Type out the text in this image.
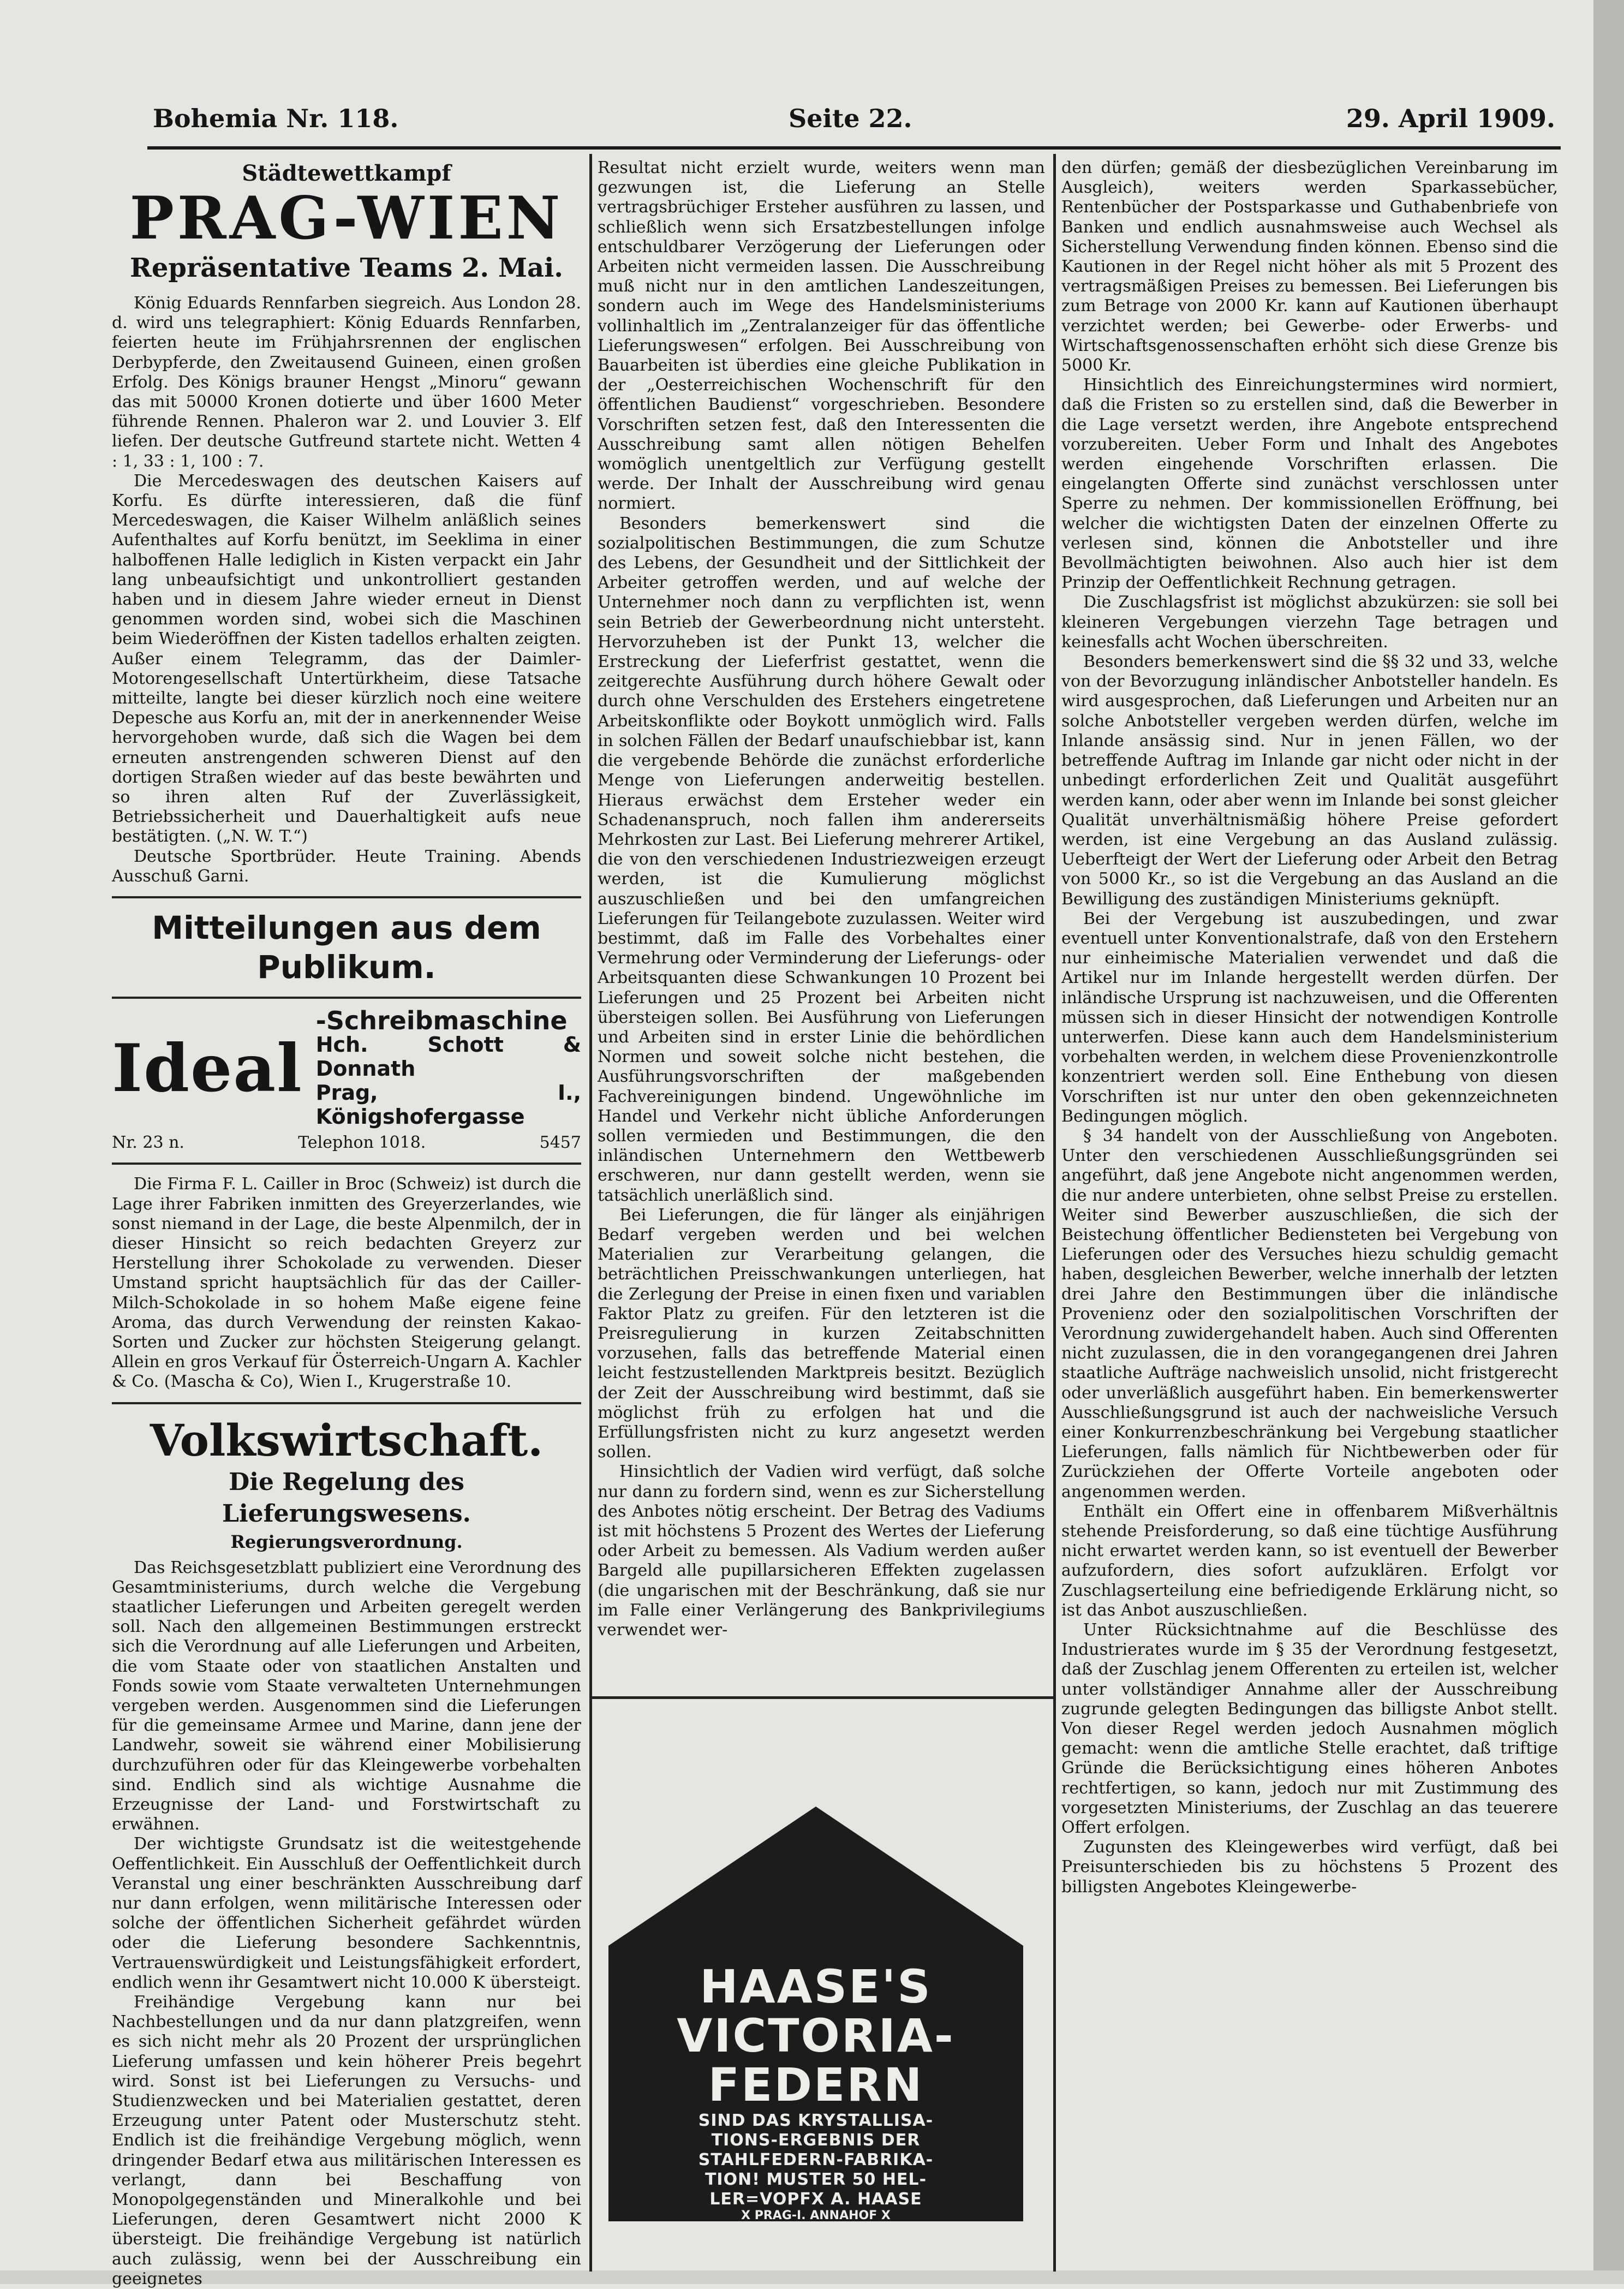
Bohemia Nr. 118.	Seite 22.	29. April 1909.
Städtewettkampf
PRAG-WIEN
Repräsentative Teams 2. Mai.

König Eduards Rennfarben siegreich. Aus London 28. d. wird uns telegraphiert: König Eduards Rennfarben, feierten heute im Frühjahrsrennen der englischen Derbypferde, den Zweitausend Guineen, einen großen Erfolg. Des Königs brauner Hengst „Minoru“ gewann das mit 50000 Kronen dotierte und über 1600 Meter führende Rennen. Phaleron war 2. und Louvier 3. Elf liefen. Der deutsche Gutfreund startete nicht. Wetten 4 : 1, 33 : 1, 100 : 7.

Die Mercedeswagen des deutschen Kaisers auf Korfu. Es dürfte interessieren, daß die fünf Mercedeswagen, die Kaiser Wilhelm anläßlich seines Aufenthaltes auf Korfu benützt, im Seeklima in einer halboffenen Halle lediglich in Kisten verpackt ein Jahr lang unbeaufsichtigt und unkontrolliert gestanden haben und in diesem Jahre wieder erneut in Dienst genommen worden sind, wobei sich die Maschinen beim Wiederöffnen der Kisten tadellos erhalten zeigten. Außer einem Telegramm, das der Daimler-Motorengesellschaft Untertürkheim, diese Tatsache mitteilte, langte bei dieser kürzlich noch eine weitere Depesche aus Korfu an, mit der in anerkennender Weise hervorgehoben wurde, daß sich die Wagen bei dem erneuten anstrengenden schweren Dienst auf den dortigen Straßen wieder auf das beste bewährten und so ihren alten Ruf der Zuverlässigkeit, Betriebssicherheit und Dauerhaltigkeit aufs neue bestätigten. („N. W. T.“)

Deutsche Sportbrüder. Heute Training. Abends Ausschuß Garni.

Mitteilungen aus dem Publikum.
Ideal
-Schreibmaschine
Hch. Schott & Donnath
Prag, I., Königshofergasse
Nr. 23 n.	Telephon 1018.	5457

Die Firma F. L. Cailler in Broc (Schweiz) ist durch die Lage ihrer Fabriken inmitten des Greyerzerlandes, wie sonst niemand in der Lage, die beste Alpenmilch, der in dieser Hinsicht so reich bedachten Greyerz zur Herstellung ihrer Schokolade zu verwenden. Dieser Umstand spricht hauptsächlich für das der Cailler-Milch-Schokolade in so hohem Maße eigene feine Aroma, das durch Verwendung der reinsten Kakao-Sorten und Zucker zur höchsten Steigerung gelangt. Allein en gros Verkauf für Österreich-Ungarn A. Kachler & Co. (Mascha & Co), Wien I., Krugerstraße 10.

Volkswirtschaft.
Die Regelung des Lieferungswesens.
Regierungsverordnung.

Das Reichsgesetzblatt publiziert eine Verordnung des Gesamtministeriums, durch welche die Vergebung staatlicher Lieferungen und Arbeiten geregelt werden soll. Nach den allgemeinen Bestimmungen erstreckt sich die Verordnung auf alle Lieferungen und Arbeiten, die vom Staate oder von staatlichen Anstalten und Fonds sowie vom Staate verwalteten Unternehmungen vergeben werden. Ausgenommen sind die Lieferungen für die gemeinsame Armee und Marine, dann jene der Landwehr, soweit sie während einer Mobilisierung durchzuführen oder für das Kleingewerbe vorbehalten sind. Endlich sind als wichtige Ausnahme die Erzeugnisse der Land- und Forstwirtschaft zu erwähnen.

Der wichtigste Grundsatz ist die weitestgehende Oeffentlichkeit. Ein Ausschluß der Oeffentlichkeit durch Veranstal ung einer beschränkten Ausschreibung darf nur dann erfolgen, wenn militärische Interessen oder solche der öffentlichen Sicherheit gefährdet würden oder die Lieferung besondere Sachkenntnis, Vertrauenswürdigkeit und Leistungsfähigkeit erfordert, endlich wenn ihr Gesamtwert nicht 10.000 K übersteigt.

Freihändige Vergebung kann nur bei Nachbestellungen und da nur dann platzgreifen, wenn es sich nicht mehr als 20 Prozent der ursprünglichen Lieferung umfassen und kein höherer Preis begehrt wird. Sonst ist bei Lieferungen zu Versuchs- und Studienzwecken und bei Materialien gestattet, deren Erzeugung unter Patent oder Musterschutz steht. Endlich ist die freihändige Vergebung möglich, wenn dringender Bedarf etwa aus militärischen Interessen es verlangt, dann bei Beschaffung von Monopolgegenständen und Mineralkohle und bei Lieferungen, deren Gesamtwert nicht 2000 K übersteigt. Die freihändige Vergebung ist natürlich auch zulässig, wenn bei der Ausschreibung ein geeignetes

Resultat nicht erzielt wurde, weiters wenn man gezwungen ist, die Lieferung an Stelle vertragsbrüchiger Ersteher ausführen zu lassen, und schließlich wenn sich Ersatzbestellungen infolge entschuldbarer Verzögerung der Lieferungen oder Arbeiten nicht vermeiden lassen. Die Ausschreibung muß nicht nur in den amtlichen Landeszeitungen, sondern auch im Wege des Handelsministeriums vollinhaltlich im „Zentralanzeiger für das öffentliche Lieferungswesen“ erfolgen. Bei Ausschreibung von Bauarbeiten ist überdies eine gleiche Publikation in der „Oesterreichischen Wochenschrift für den öffentlichen Baudienst“ vorgeschrieben. Besondere Vorschriften setzen fest, daß den Interessenten die Ausschreibung samt allen nötigen Behelfen womöglich unentgeltlich zur Verfügung gestellt werde. Der Inhalt der Ausschreibung wird genau normiert.

Besonders bemerkenswert sind die sozialpolitischen Bestimmungen, die zum Schutze des Lebens, der Gesundheit und der Sittlichkeit der Arbeiter getroffen werden, und auf welche der Unternehmer noch dann zu verpflichten ist, wenn sein Betrieb der Gewerbeordnung nicht untersteht. Hervorzuheben ist der Punkt 13, welcher die Erstreckung der Lieferfrist gestattet, wenn die zeitgerechte Ausführung durch höhere Gewalt oder durch ohne Verschulden des Erstehers eingetretene Arbeitskonflikte oder Boykott unmöglich wird. Falls in solchen Fällen der Bedarf unaufschiebbar ist, kann die vergebende Behörde die zunächst erforderliche Menge von Lieferungen anderweitig bestellen. Hieraus erwächst dem Ersteher weder ein Schadenanspruch, noch fallen ihm andererseits Mehrkosten zur Last. Bei Lieferung mehrerer Artikel, die von den verschiedenen Industriezweigen erzeugt werden, ist die Kumulierung möglichst auszuschließen und bei den umfangreichen Lieferungen für Teilangebote zuzulassen. Weiter wird bestimmt, daß im Falle des Vorbehaltes einer Vermehrung oder Verminderung der Lieferungs- oder Arbeitsquanten diese Schwankungen 10 Prozent bei Lieferungen und 25 Prozent bei Arbeiten nicht übersteigen sollen. Bei Ausführung von Lieferungen und Arbeiten sind in erster Linie die behördlichen Normen und soweit solche nicht bestehen, die Ausführungsvorschriften der maßgebenden Fachvereinigungen bindend. Ungewöhnliche im Handel und Verkehr nicht übliche Anforderungen sollen vermieden und Bestimmungen, die den inländischen Unternehmern den Wettbewerb erschweren, nur dann gestellt werden, wenn sie tatsächlich unerläßlich sind.

Bei Lieferungen, die für länger als einjährigen Bedarf vergeben werden und bei welchen Materialien zur Verarbeitung gelangen, die beträchtlichen Preisschwankungen unterliegen, hat die Zerlegung der Preise in einen fixen und variablen Faktor Platz zu greifen. Für den letzteren ist die Preisregulierung in kurzen Zeitabschnitten vorzusehen, falls das betreffende Material einen leicht festzustellenden Marktpreis besitzt. Bezüglich der Zeit der Ausschreibung wird bestimmt, daß sie möglichst früh zu erfolgen hat und die Erfüllungsfristen nicht zu kurz angesetzt werden sollen.

Hinsichtlich der Vadien wird verfügt, daß solche nur dann zu fordern sind, wenn es zur Sicherstellung des Anbotes nötig erscheint. Der Betrag des Vadiums ist mit höchstens 5 Prozent des Wertes der Lieferung oder Arbeit zu bemessen. Als Vadium werden außer Bargeld alle pupillarsicheren Effekten zugelassen (die ungarischen mit der Beschränkung, daß sie nur im Falle einer Verlängerung des Bankprivilegiums verwendet wer-

HAASE'S
VICTORIA-
FEDERN
SIND DAS KRYSTALLISA-
TIONS-ERGEBNIS DER
STAHLFEDERN-FABRIKA-
TION! MUSTER 50 HEL-
LER=VOPFX A. HAASE
X PRAG-I. ANNAHOF X

den dürfen; gemäß der diesbezüglichen Vereinbarung im Ausgleich), weiters werden Sparkassebücher, Rentenbücher der Postsparkasse und Guthabenbriefe von Banken und endlich ausnahmsweise auch Wechsel als Sicherstellung Verwendung finden können. Ebenso sind die Kautionen in der Regel nicht höher als mit 5 Prozent des vertragsmäßigen Preises zu bemessen. Bei Lieferungen bis zum Betrage von 2000 Kr. kann auf Kautionen überhaupt verzichtet werden; bei Gewerbe- oder Erwerbs- und Wirtschaftsgenossenschaften erhöht sich diese Grenze bis 5000 Kr.

Hinsichtlich des Einreichungstermines wird normiert, daß die Fristen so zu erstellen sind, daß die Bewerber in die Lage versetzt werden, ihre Angebote entsprechend vorzubereiten. Ueber Form und Inhalt des Angebotes werden eingehende Vorschriften erlassen. Die eingelangten Offerte sind zunächst verschlossen unter Sperre zu nehmen. Der kommissionellen Eröffnung, bei welcher die wichtigsten Daten der einzelnen Offerte zu verlesen sind, können die Anbotsteller und ihre Bevollmächtigten beiwohnen. Also auch hier ist dem Prinzip der Oeffentlichkeit Rechnung getragen.

Die Zuschlagsfrist ist möglichst abzukürzen: sie soll bei kleineren Vergebungen vierzehn Tage betragen und keinesfalls acht Wochen überschreiten.

Besonders bemerkenswert sind die §§ 32 und 33, welche von der Bevorzugung inländischer Anbotsteller handeln. Es wird ausgesprochen, daß Lieferungen und Arbeiten nur an solche Anbotsteller vergeben werden dürfen, welche im Inlande ansässig sind. Nur in jenen Fällen, wo der betreffende Auftrag im Inlande gar nicht oder nicht in der unbedingt erforderlichen Zeit und Qualität ausgeführt werden kann, oder aber wenn im Inlande bei sonst gleicher Qualität unverhältnismäßig höhere Preise gefordert werden, ist eine Vergebung an das Ausland zulässig. Ueberfteigt der Wert der Lieferung oder Arbeit den Betrag von 5000 Kr., so ist die Vergebung an das Ausland an die Bewilligung des zuständigen Ministeriums geknüpft.

Bei der Vergebung ist auszubedingen, und zwar eventuell unter Konventionalstrafe, daß von den Erstehern nur einheimische Materialien verwendet und daß die Artikel nur im Inlande hergestellt werden dürfen. Der inländische Ursprung ist nachzuweisen, und die Offerenten müssen sich in dieser Hinsicht der notwendigen Kontrolle unterwerfen. Diese kann auch dem Handelsministerium vorbehalten werden, in welchem diese Provenienzkontrolle konzentriert werden soll. Eine Enthebung von diesen Vorschriften ist nur unter den oben gekennzeichneten Bedingungen möglich.

§ 34 handelt von der Ausschließung von Angeboten. Unter den verschiedenen Ausschließungsgründen sei angeführt, daß jene Angebote nicht angenommen werden, die nur andere unterbieten, ohne selbst Preise zu erstellen. Weiter sind Bewerber auszuschließen, die sich der Beistechung öffentlicher Bediensteten bei Vergebung von Lieferungen oder des Versuches hiezu schuldig gemacht haben, desgleichen Bewerber, welche innerhalb der letzten drei Jahre den Bestimmungen über die inländische Provenienz oder den sozialpolitischen Vorschriften der Verordnung zuwidergehandelt haben. Auch sind Offerenten nicht zuzulassen, die in den vorangegangenen drei Jahren staatliche Aufträge nachweislich unsolid, nicht fristgerecht oder unverläßlich ausgeführt haben. Ein bemerkenswerter Ausschließungsgrund ist auch der nachweisliche Versuch einer Konkurrenzbeschränkung bei Vergebung staatlicher Lieferungen, falls nämlich für Nichtbewerben oder für Zurückziehen der Offerte Vorteile angeboten oder angenommen werden.

Enthält ein Offert eine in offenbarem Mißverhältnis stehende Preisforderung, so daß eine tüchtige Ausführung nicht erwartet werden kann, so ist eventuell der Bewerber aufzufordern, dies sofort aufzuklären. Erfolgt vor Zuschlagserteilung eine befriedigende Erklärung nicht, so ist das Anbot auszuschließen.

Unter Rücksichtnahme auf die Beschlüsse des Industrierates wurde im § 35 der Verordnung festgesetzt, daß der Zuschlag jenem Offerenten zu erteilen ist, welcher unter vollständiger Annahme aller der Ausschreibung zugrunde gelegten Bedingungen das billigste Anbot stellt. Von dieser Regel werden jedoch Ausnahmen möglich gemacht: wenn die amtliche Stelle erachtet, daß triftige Gründe die Berücksichtigung eines höheren Anbotes rechtfertigen, so kann, jedoch nur mit Zustimmung des vorgesetzten Ministeriums, der Zuschlag an das teuerere Offert erfolgen.

Zugunsten des Kleingewerbes wird verfügt, daß bei Preisunterschieden bis zu höchstens 5 Prozent des billigsten Angebotes Kleingewerbe-
